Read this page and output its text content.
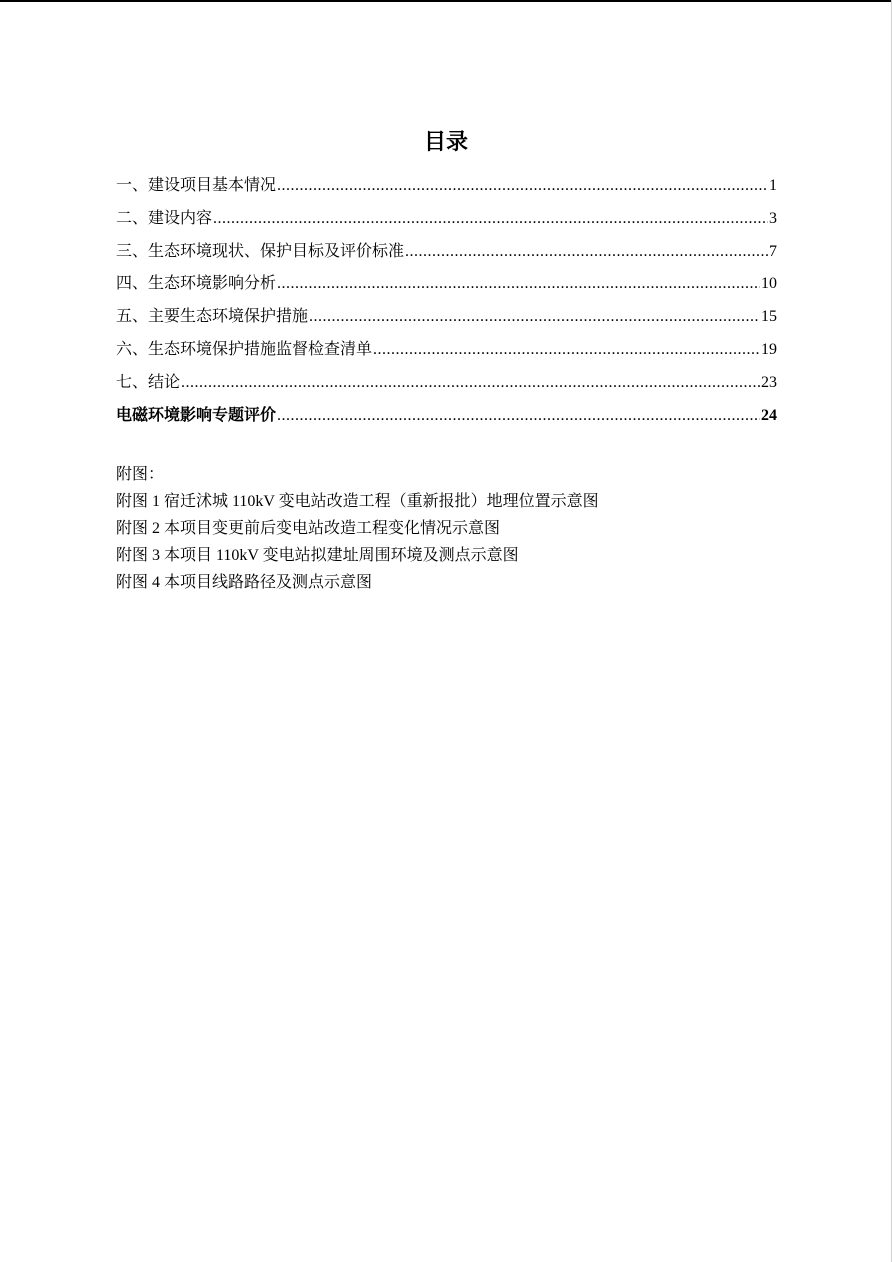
目录
一、建设项目基本情况 .....	1
二、建设内容 .....	3
三、生态环境现状、保护目标及评价标准 .....	7
四、生态环境影响分析 .....	10
五、主要生态环境保护措施 .....	15
六、生态环境保护措施监督检查清单 .....	19
七、结论 .....	23
电磁环境影响专题评价 .....	24
附图：
附图 1 宿迁沭城 110kV 变电站改造工程（重新报批）地理位置示意图
附图 2 本项目变更前后变电站改造工程变化情况示意图
附图 3 本项目 110kV 变电站拟建址周围环境及测点示意图
附图 4 本项目线路路径及测点示意图
